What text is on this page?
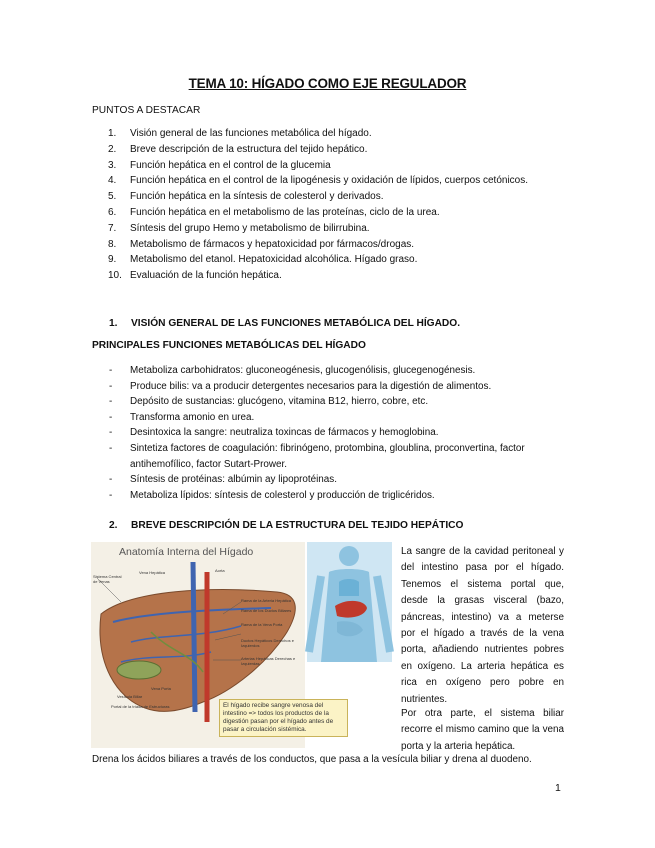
TEMA 10: HÍGADO COMO EJE REGULADOR
PUNTOS A DESTACAR
1. Visión general de las funciones metabólica del hígado.
2. Breve descripción de la estructura del tejido hepático.
3. Función hepática en el control de la glucemia
4. Función hepática en el control de la lipogénesis y oxidación de lípidos, cuerpos cetónicos.
5. Función hepática en la síntesis de colesterol y derivados.
6. Función hepática en el metabolismo de las proteínas, ciclo de la urea.
7. Síntesis del grupo Hemo y metabolismo de bilirrubina.
8. Metabolismo de fármacos y hepatoxicidad por fármacos/drogas.
9. Metabolismo del etanol. Hepatoxicidad alcohólica. Hígado graso.
10. Evaluación de la función hepática.
1. VISIÓN GENERAL DE LAS FUNCIONES METABÓLICA DEL HÍGADO.
PRINCIPALES FUNCIONES METABÓLICAS DEL HÍGADO
- Metaboliza carbohidratos: gluconeogénesis, glucogenólisis, glucegenogénesis.
- Produce bilis: va a producir detergentes necesarios para la digestión de alimentos.
- Depósito de sustancias: glucógeno, vitamina B12, hierro, cobre, etc.
- Transforma amonio en urea.
- Desintoxica la sangre: neutraliza toxincas de fármacos y hemoglobina.
- Sintetiza factores de coagulación: fibrinógeno, protombina, gloublina, proconvertina, factor antihemofílico, factor Sutart-Prower.
- Síntesis de protéinas: albúmin ay lipoprotéinas.
- Metaboliza lípidos: síntesis de colesterol y producción de triglicéridos.
2. BREVE DESCRIPCIÓN DE LA ESTRUCTURA DEL TEJIDO HEPÁTICO
Anatomía Interna del Hígado
El hígado recibe sangre venosa del intestino => todos los productos de la digestión pasan por el hígado antes de pasar a circulación sistémica.
Vena Hepática	Aorta
Sistema Central de Venas
Rama de la Arteria Hepática
Rama de los Ductos Biliares
Rama de la Vena Porta
Ductos Hepáticos Derechos e Izquierdos
Arterias Hepáticas Derechas e Izquierdas
Vena Porta
Vesícula Biliar
Portal de la tríada de Estructuras
La sangre de la cavidad peritoneal y del intestino pasa por el hígado. Tenemos el sistema portal que, desde la grasas visceral (bazo, páncreas, intestino) va a meterse por el hígado a través de la vena porta, añadiendo nutrientes pobres en oxígeno. La arteria hepática es rica en oxígeno pero pobre en nutrientes.
Por otra parte, el sistema biliar recorre el mismo camino que la vena porta y la arteria hepática.
Drena los ácidos biliares a través de los conductos, que pasa a la vesícula biliar y drena al duodeno.
1
